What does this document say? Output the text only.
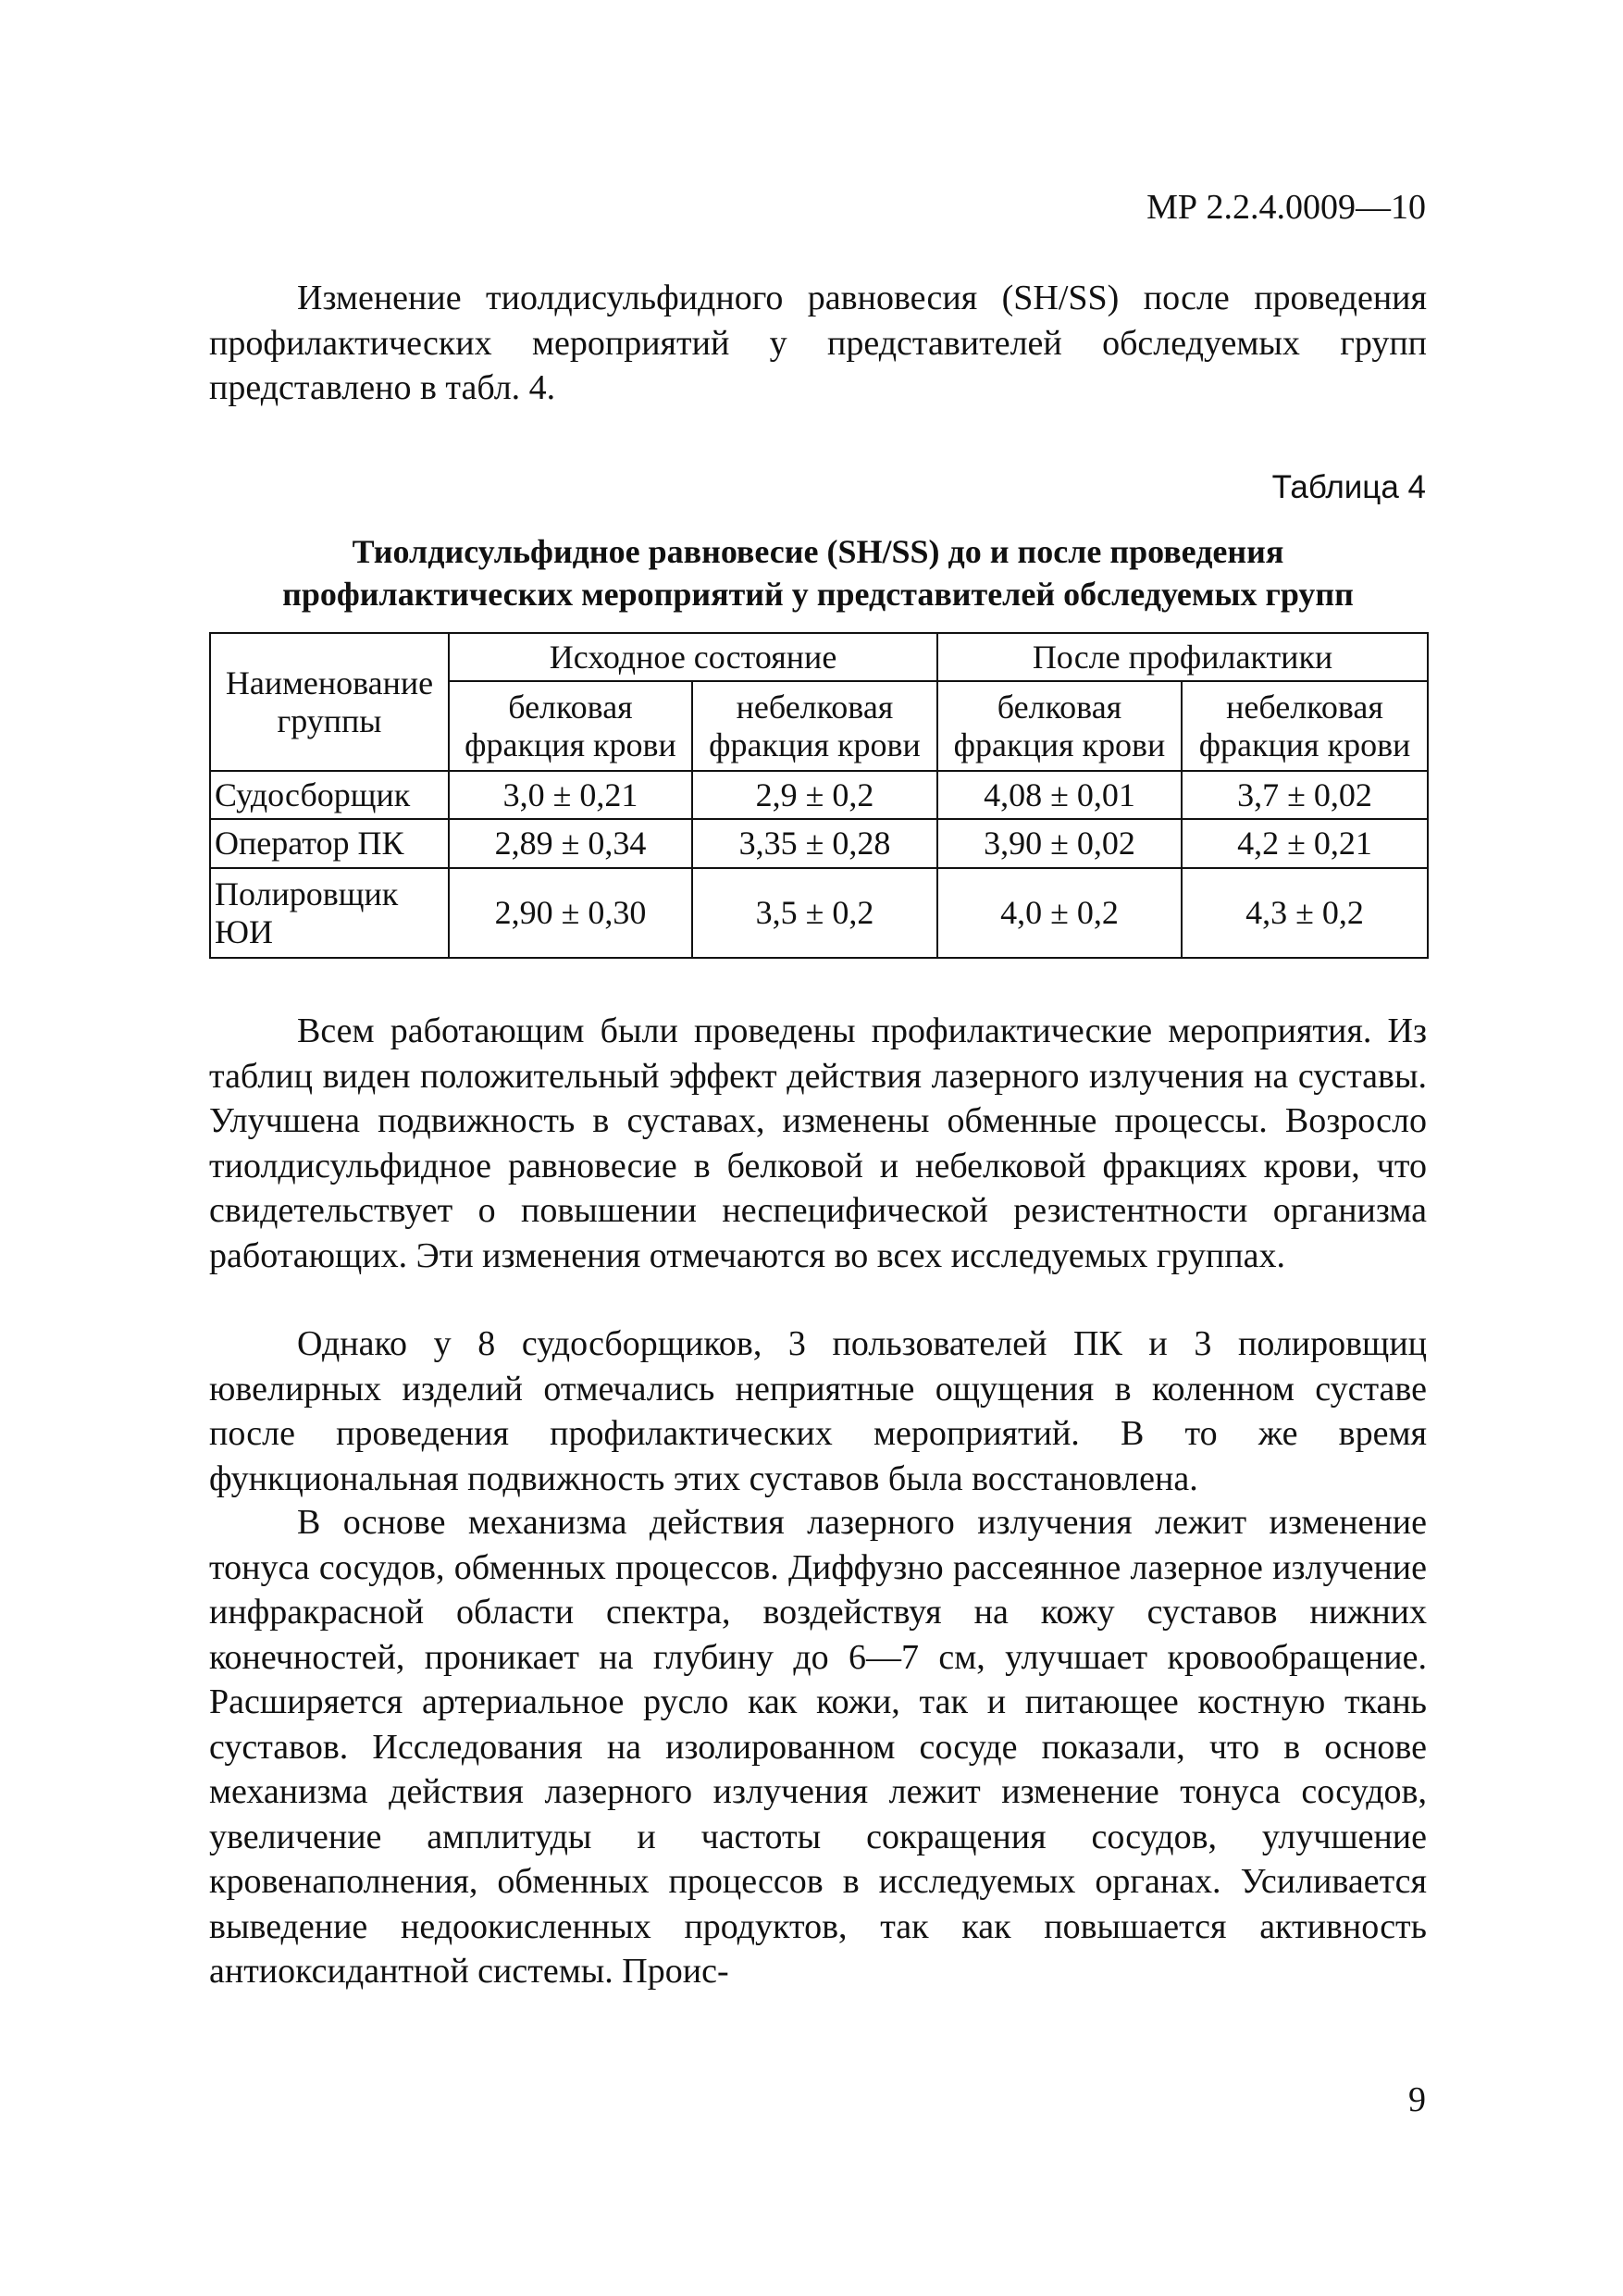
МР 2.2.4.0009—10

Изменение тиолдисульфидного равновесия (SH/SS) после проведения профилактических мероприятий у представителей обследуемых групп представлено в табл. 4.

Таблица 4
Тиолдисульфидное равновесие (SH/SS) до и после проведения
профилактических мероприятий у представителей обследуемых групп
Наименование группы	Исходное состояние		После профилактики	
	белковая фракция крови	небелковая фракция крови	белковая фракция крови	небелковая фракция крови
Судосборщик	3,0 ± 0,21	2,9 ± 0,2	4,08 ± 0,01	3,7 ± 0,02
Оператор ПК	2,89 ± 0,34	3,35 ± 0,28	3,90 ± 0,02	4,2 ± 0,21
Полировщик ЮИ	2,90 ± 0,30	3,5 ± 0,2	4,0 ± 0,2	4,3 ± 0,2

Всем работающим были проведены профилактические мероприятия. Из таблиц виден положительный эффект действия лазерного излучения на суставы. Улучшена подвижность в суставах, изменены обменные процессы. Возросло тиолдисульфидное равновесие в белковой и небелковой фракциях крови, что свидетельствует о повышении неспецифической резистентности организма работающих. Эти изменения отмечаются во всех исследуемых группах.

Однако у 8 судосборщиков, 3 пользователей ПК и 3 полировщиц ювелирных изделий отмечались неприятные ощущения в коленном суставе после проведения профилактических мероприятий. В то же время функциональная подвижность этих суставов была восстановлена.

В основе механизма действия лазерного излучения лежит изменение тонуса сосудов, обменных процессов. Диффузно рассеянное лазерное излучение инфракрасной области спектра, воздействуя на кожу суставов нижних конечностей, проникает на глубину до 6—7 см, улучшает кровообращение. Расширяется артериальное русло как кожи, так и питающее костную ткань суставов. Исследования на изолированном сосуде показали, что в основе механизма действия лазерного излучения лежит изменение тонуса сосудов, увеличение амплитуды и частоты сокращения сосудов, улучшение кровенаполнения, обменных процессов в исследуемых органах. Усиливается выведение недоокисленных продуктов, так как повышается активность антиоксидантной системы. Проис-

9
